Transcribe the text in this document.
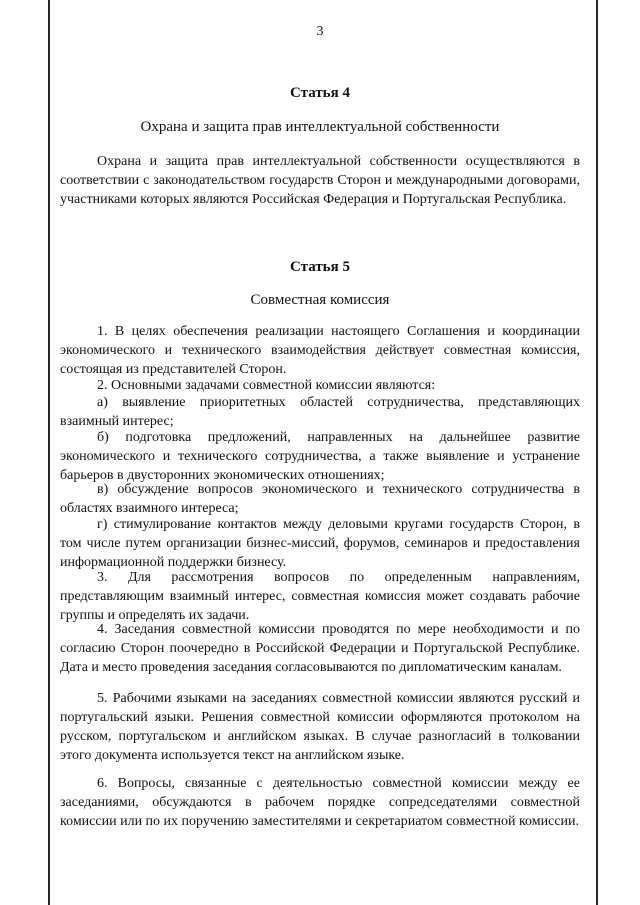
3
Статья 4
Охрана и защита прав интеллектуальной собственности

Охрана и защита прав интеллектуальной собственности осуществляются в соответствии с законодательством государств Сторон и международными договорами, участниками которых являются Российская Федерация и Португальская Республика.

Статья 5
Совместная комиссия

1. В целях обеспечения реализации настоящего Соглашения и координации экономического и технического взаимодействия действует совместная комиссия, состоящая из представителей Сторон.

2. Основными задачами совместной комиссии являются:

а) выявление приоритетных областей сотрудничества, представляющих взаимный интерес;

б) подготовка предложений, направленных на дальнейшее развитие экономического и технического сотрудничества, а также выявление и устранение барьеров в двусторонних экономических отношениях;

в) обсуждение вопросов экономического и технического сотрудничества в областях взаимного интереса;

г) стимулирование контактов между деловыми кругами государств Сторон, в том числе путем организации бизнес-миссий, форумов, семинаров и предоставления информационной поддержки бизнесу.

3. Для рассмотрения вопросов по определенным направлениям, представляющим взаимный интерес, совместная комиссия может создавать рабочие группы и определять их задачи.

4. Заседания совместной комиссии проводятся по мере необходимости и по согласию Сторон поочередно в Российской Федерации и Португальской Республике. Дата и место проведения заседания согласовываются по дипломатическим каналам.

5. Рабочими языками на заседаниях совместной комиссии являются русский и португальский языки. Решения совместной комиссии оформляются протоколом на русском, португальском и английском языках. В случае разногласий в толковании этого документа используется текст на английском языке.

6. Вопросы, связанные с деятельностью совместной комиссии между ее заседаниями, обсуждаются в рабочем порядке сопредседателями совместной комиссии или по их поручению заместителями и секретариатом совместной комиссии.
